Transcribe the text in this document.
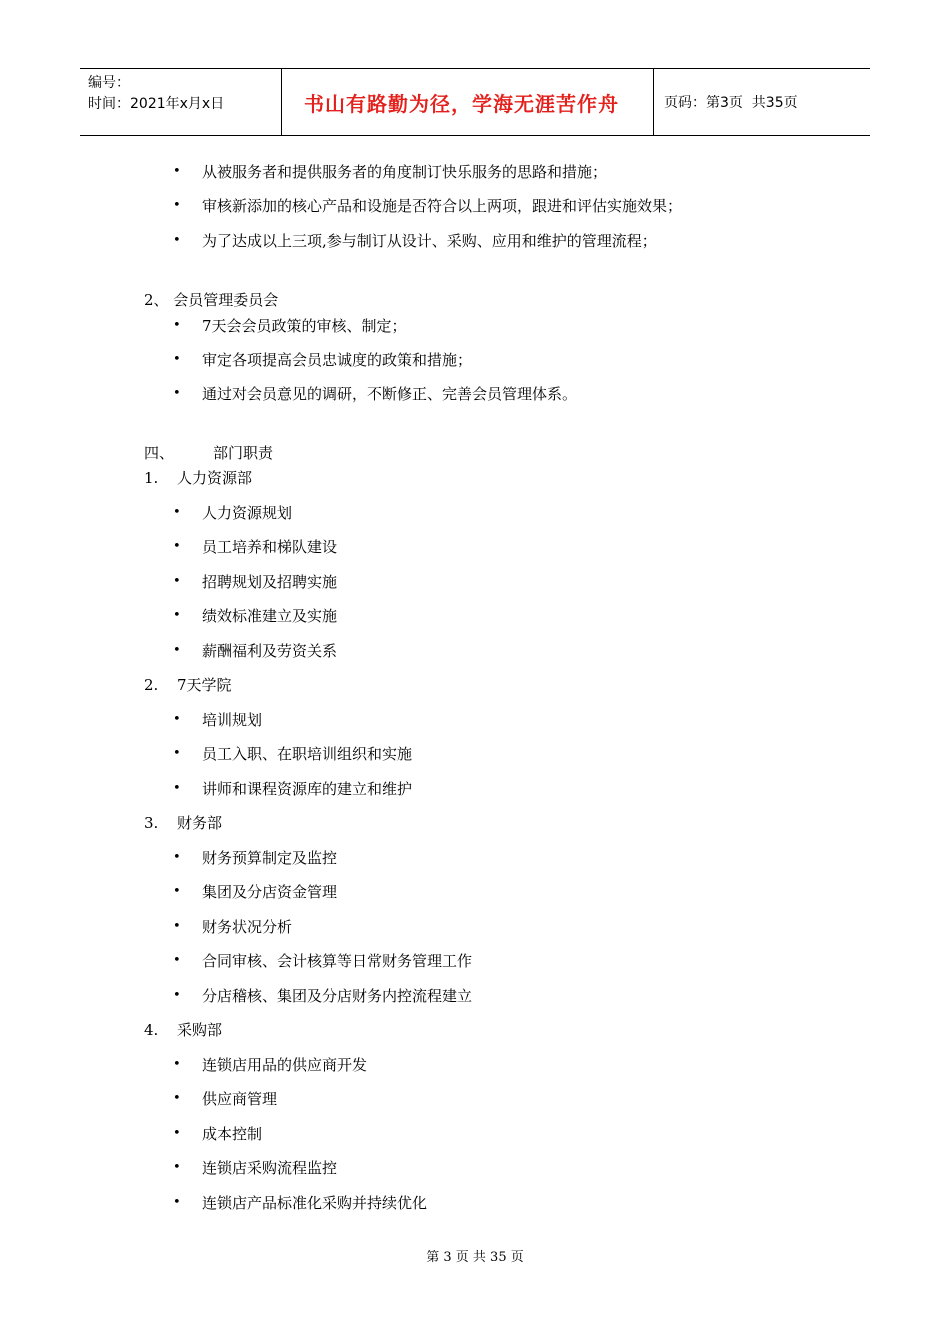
编号：
时间：2021年x月x日	书山有路勤为径，学海无涯苦作舟	页码：第3页  共35页
• 从被服务者和提供服务者的角度制订快乐服务的思路和措施；
• 审核新添加的核心产品和设施是否符合以上两项，跟进和评估实施效果；
• 为了达成以上三项,参与制订从设计、采购、应用和维护的管理流程；
2、 会员管理委员会
• 7天会会员政策的审核、制定；
• 审定各项提高会员忠诚度的政策和措施；
• 通过对会员意见的调研，不断修正、完善会员管理体系。
四、	部门职责
1. 人力资源部
• 人力资源规划
• 员工培养和梯队建设
• 招聘规划及招聘实施
• 绩效标准建立及实施
• 薪酬福利及劳资关系
2. 7天学院
• 培训规划
• 员工入职、在职培训组织和实施
• 讲师和课程资源库的建立和维护
3. 财务部
• 财务预算制定及监控
• 集团及分店资金管理
• 财务状况分析
• 合同审核、会计核算等日常财务管理工作
• 分店稽核、集团及分店财务内控流程建立
4. 采购部
• 连锁店用品的供应商开发
• 供应商管理
• 成本控制
• 连锁店采购流程监控
• 连锁店产品标准化采购并持续优化
第 3 页 共 35 页
